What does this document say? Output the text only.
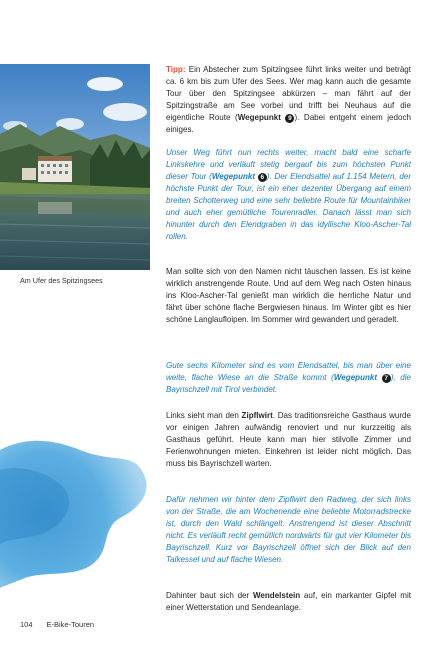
Am Ufer des Spitzingsees

Tipp: Ein Abstecher zum Spitzingsee führt links weiter und beträgt ca. 6 km bis zum Ufer des Sees. Wer mag kann auch die gesamte Tour über den Spitzingsee abkürzen – man fährt auf der Spitzingstraße am See vorbei und trifft bei Neuhaus auf die eigentliche Route (Wegepunkt 9 ). Dabei entgeht einem jedoch einiges.

Unser Weg führt nun rechts weiter, macht bald eine scharfe Linkskehre und verläuft stetig bergauf bis zum höchsten Punkt dieser Tour (Wegepunkt 6 ). Der Elendsattel auf 1.154 Metern, der höchste Punkt der Tour, ist ein eher dezenter Übergang auf einem breiten Schotterweg und eine sehr beliebte Route für Mountainbiker und auch eher gemütliche Tourenradler. Danach lässt man sich hinunter durch den Elendgraben in das idyllische Kloo-Ascher-Tal rollen.

Man sollte sich von den Namen nicht täuschen lassen. Es ist keine wirklich anstrengende Route. Und auf dem Weg nach Osten hinaus ins Kloo-Ascher-Tal genießt man wirklich die herrliche Natur und fährt über schöne flache Bergwiesen hinaus. Im Winter gibt es hier schöne Langlaufloipen. Im Sommer wird gewandert und geradelt.

Gute sechs Kilometer sind es vom Elendsattel, bis man über eine weite, flache Wiese an die Straße kommt (Wegepunkt 7 ), die Bayrischzell mit Tirol verbindet.

Links sieht man den Zipflwirt. Das traditionsreiche Gasthaus wurde vor einigen Jahren aufwändig renoviert und nur kurzzeitig als Gasthaus geführt. Heute kann man hier stilvolle Zimmer und Ferienwohnungen mieten. Einkehren ist leider nicht möglich. Das muss bis Bayrischzell warten.

Dafür nehmen wir hinter dem Zipflwirt den Radweg, der sich links von der Straße, die am Wochenende eine beliebte Motorradstrecke ist, durch den Wald schlängelt. Anstrengend ist dieser Abschnitt nicht. Es verläuft recht gemütlich nordwärts für gut vier Kilometer bis Bayrischzell. Kurz vor Bayrischzell öffnet sich der Blick auf den Talkessel und auf flache Wiesen.

Dahinter baut sich der Wendelstein auf, ein markanter Gipfel mit einer Wetterstation und Sendeanlage.

104 E-Bike-Touren
